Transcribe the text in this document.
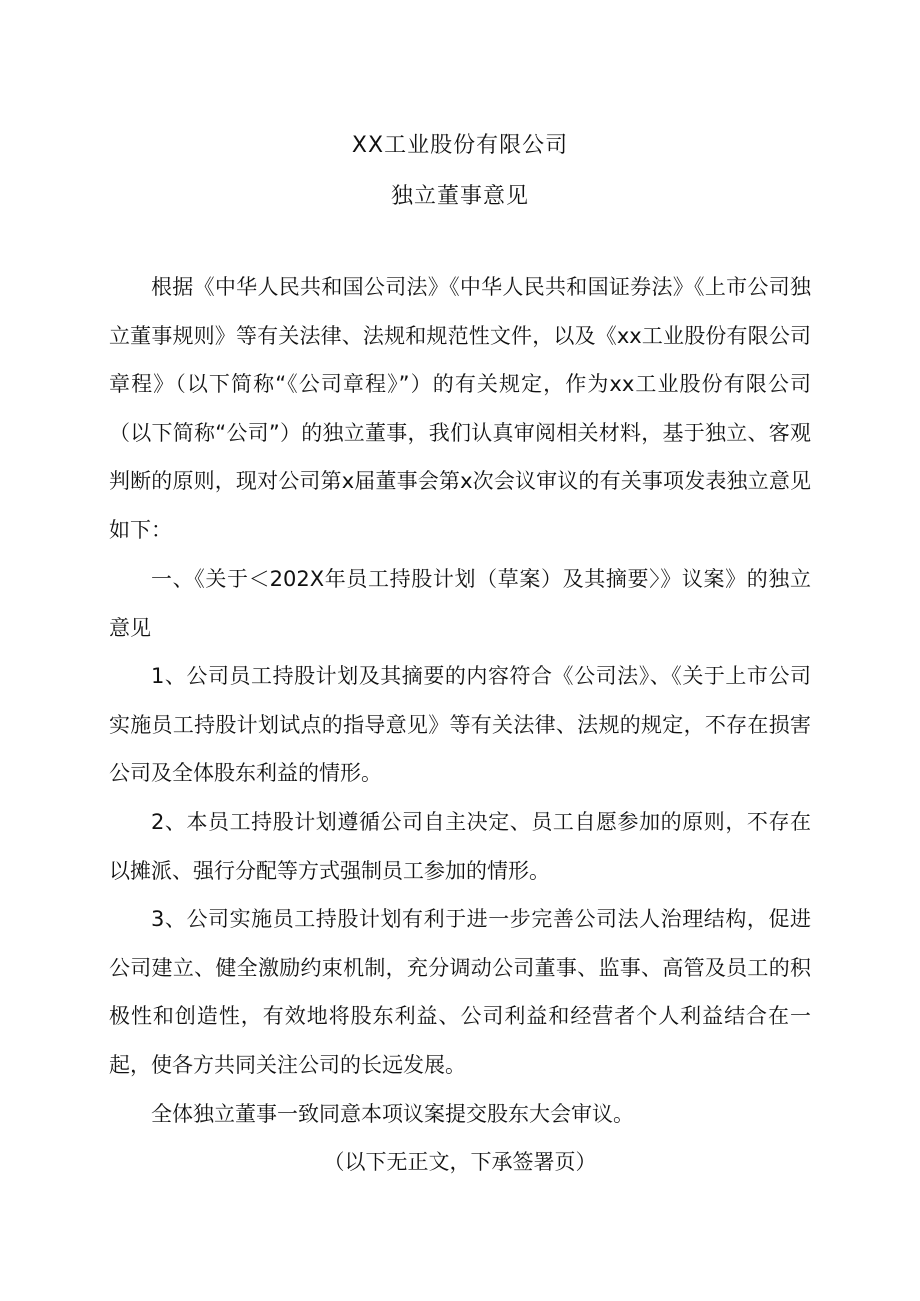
XX工业股份有限公司
独立董事意见

根据《中华人民共和国公司法》《中华人民共和国证券法》《上市公司独立董事规则》等有关法律、法规和规范性文件，以及《xx工业股份有限公司章程》（以下简称“《公司章程》”）的有关规定，作为xx工业股份有限公司（以下简称“公司”）的独立董事，我们认真审阅相关材料，基于独立、客观判断的原则，现对公司第x届董事会第x次会议审议的有关事项发表独立意见如下：

一、《关于＜202X年员工持股计划（草案）及其摘要〉》议案》的独立意见

1、公司员工持股计划及其摘要的内容符合《公司法》、《关于上市公司实施员工持股计划试点的指导意见》等有关法律、法规的规定，不存在损害公司及全体股东利益的情形。

2、本员工持股计划遵循公司自主决定、员工自愿参加的原则，不存在以摊派、强行分配等方式强制员工参加的情形。

3、公司实施员工持股计划有利于进一步完善公司法人治理结构，促进公司建立、健全激励约束机制，充分调动公司董事、监事、高管及员工的积极性和创造性，有效地将股东利益、公司利益和经营者个人利益结合在一起，使各方共同关注公司的长远发展。

全体独立董事一致同意本项议案提交股东大会审议。

（以下无正文，下承签署页）
